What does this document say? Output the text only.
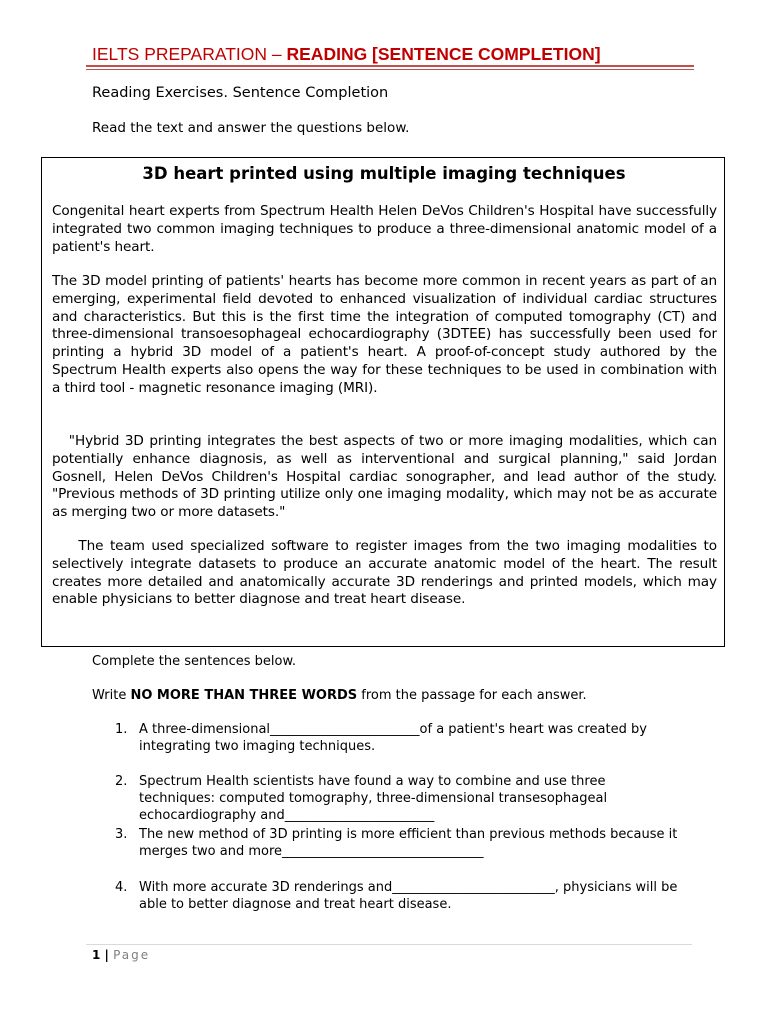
IELTS PREPARATION – READING [SENTENCE COMPLETION]
Reading Exercises. Sentence Completion
Read the text and answer the questions below.
3D heart printed using multiple imaging techniques

Congenital heart experts from Spectrum Health Helen DeVos Children's Hospital have successfully integrated two common imaging techniques to produce a three-dimensional anatomic model of a patient's heart.

The 3D model printing of patients' hearts has become more common in recent years as part of an emerging, experimental field devoted to enhanced visualization of individual cardiac structures and characteristics. But this is the first time the integration of computed tomography (CT) and three-dimensional transoesophageal echocardiography (3DTEE) has successfully been used for printing a hybrid 3D model of a patient's heart. A proof-of-concept study authored by the Spectrum Health experts also opens the way for these techniques to be used in combination with a third tool - magnetic resonance imaging (MRI).

"Hybrid 3D printing integrates the best aspects of two or more imaging modalities, which can potentially enhance diagnosis, as well as interventional and surgical planning," said Jordan Gosnell, Helen DeVos Children's Hospital cardiac sonographer, and lead author of the study. "Previous methods of 3D printing utilize only one imaging modality, which may not be as accurate as merging two or more datasets."

The team used specialized software to register images from the two imaging modalities to selectively integrate datasets to produce an accurate anatomic model of the heart. The result creates more detailed and anatomically accurate 3D renderings and printed models, which may enable physicians to better diagnose and treat heart disease.

Complete the sentences below.
Write NO MORE THAN THREE WORDS from the passage for each answer.
1. A three-dimensional_______________________of a patient's heart was created by integrating two imaging techniques.
2. Spectrum Health scientists have found a way to combine and use three techniques: computed tomography, three-dimensional transesophageal echocardiography and_______________________
3. The new method of 3D printing is more efficient than previous methods because it merges two and more_______________________________
4. With more accurate 3D renderings and_________________________, physicians will be able to better diagnose and treat heart disease.
1 | Page
